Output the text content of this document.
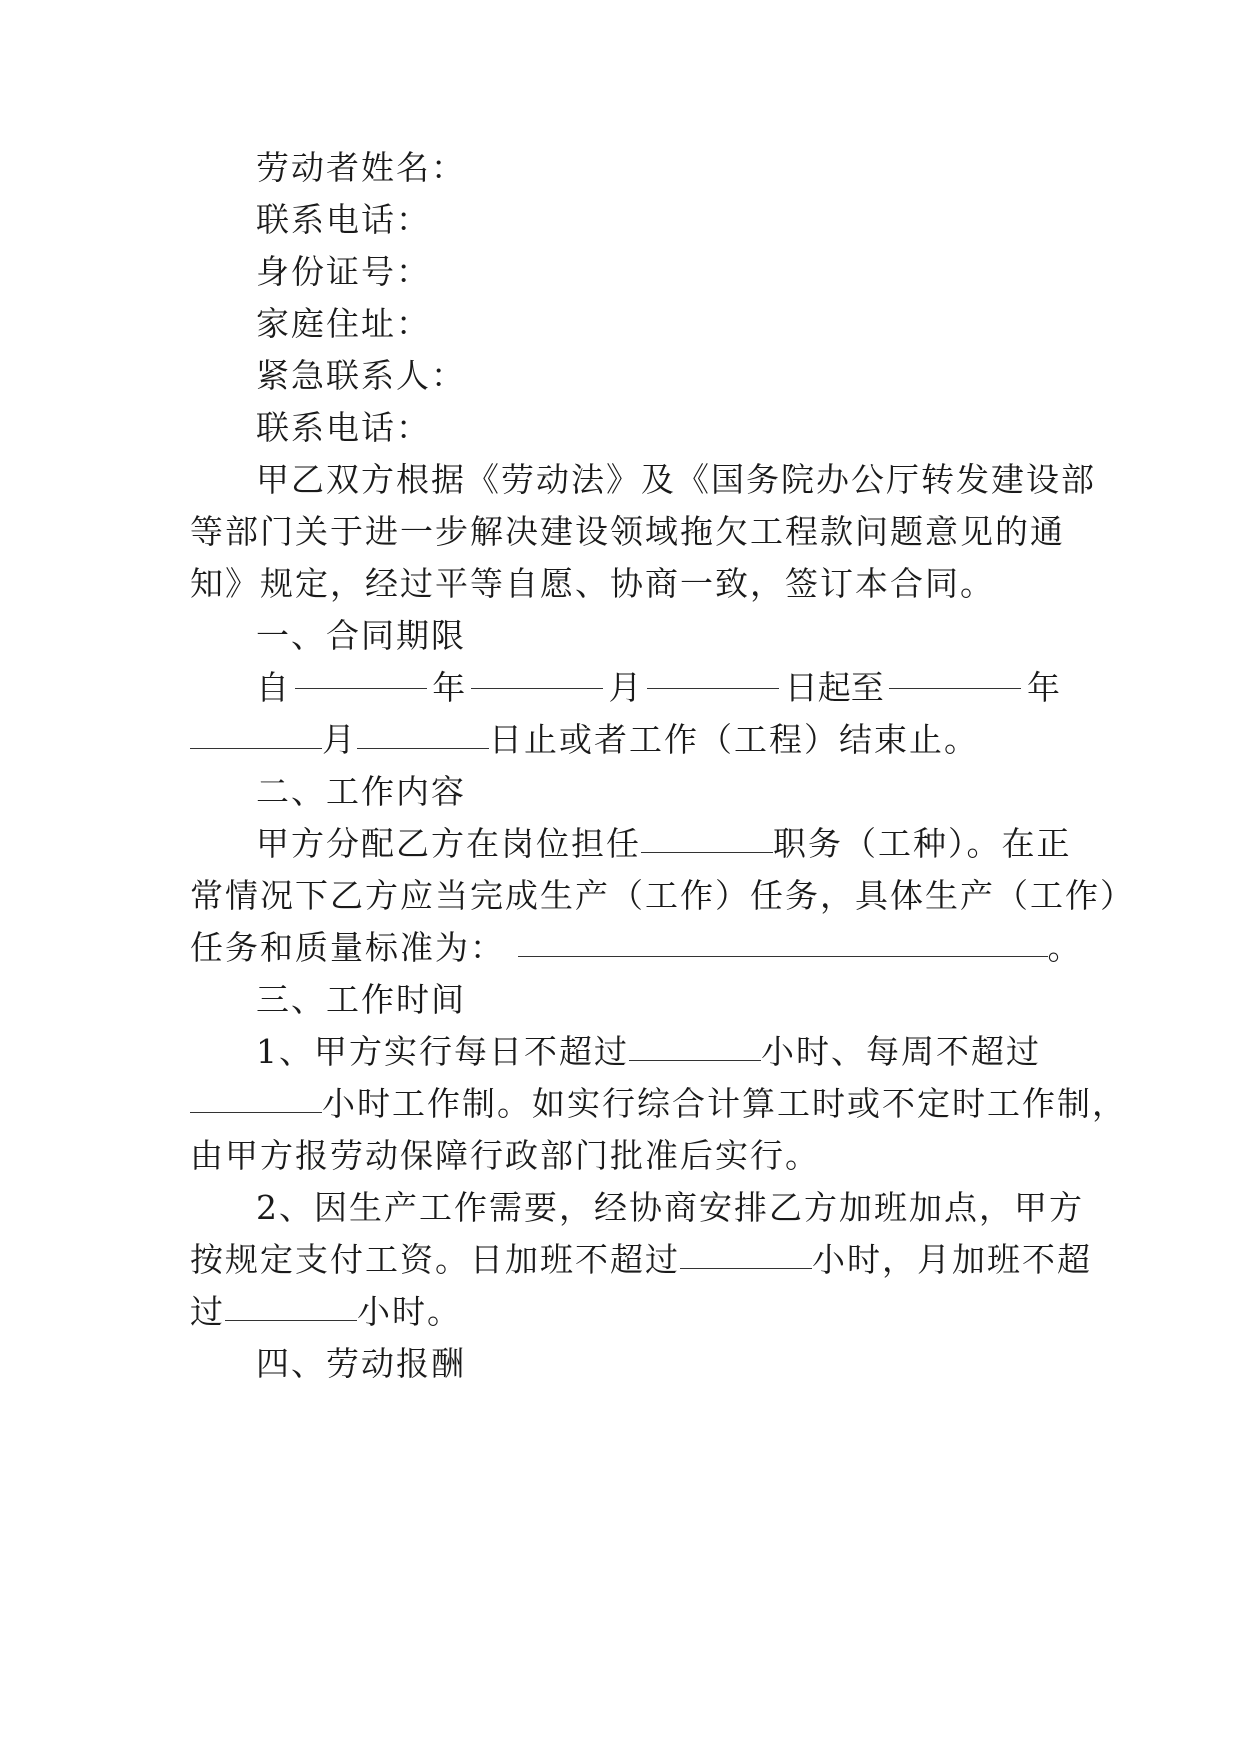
劳动者姓名：
联系电话：
身份证号：
家庭住址：
紧急联系人：
联系电话：
甲乙双方根据《劳动法》及《国务院办公厅转发建设部
等部门关于进一步解决建设领域拖欠工程款问题意见的通
知》规定，经过平等自愿、协商一致，签订本合同。
一、合同期限
自	年	月	日起至	年
月	日止或者工作（工程）结束止。
二、工作内容
甲方分配乙方在岗位担任	职务（工种）。在正
常情况下乙方应当完成生产（工作）任务，具体生产（工作）
任务和质量标准为：	。
三、工作时间
1、甲方实行每日不超过	小时、每周不超过
小时工作制。如实行综合计算工时或不定时工作制，
由甲方报劳动保障行政部门批准后实行。
2、因生产工作需要，经协商安排乙方加班加点，甲方
按规定支付工资。日加班不超过	小时，月加班不超
过	小时。
四、劳动报酬
